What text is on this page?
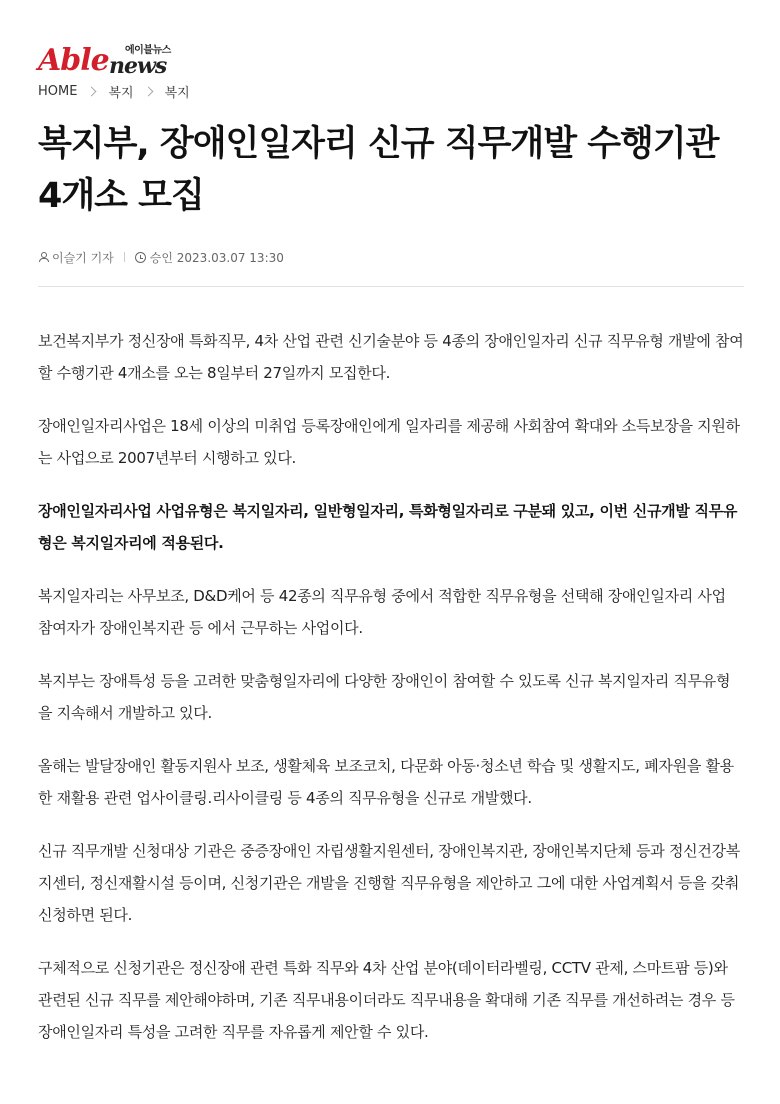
Able 에이블뉴스
news
HOME 복지 복지
복지부, 장애인일자리 신규 직무개발 수행기관 4개소 모집
이슬기 기자	승인 2023.03.07 13:30

보건복지부가 정신장애 특화직무, 4차 산업 관련 신기술분야 등 4종의 장애인일자리 신규 직무유형 개발에 참여할 수행기관 4개소를 오는 8일부터 27일까지 모집한다.

장애인일자리사업은 18세 이상의 미취업 등록장애인에게 일자리를 제공해 사회참여 확대와 소득보장을 지원하는 사업으로 2007년부터 시행하고 있다.

장애인일자리사업 사업유형은 복지일자리, 일반형일자리, 특화형일자리로 구분돼 있고, 이번 신규개발 직무유형은 복지일자리에 적용된다.

복지일자리는 사무보조, D&D케어 등 42종의 직무유형 중에서 적합한 직무유형을 선택해 장애인일자리 사업 참여자가 장애인복지관 등 에서 근무하는 사업이다.

복지부는 장애특성 등을 고려한 맞춤형일자리에 다양한 장애인이 참여할 수 있도록 신규 복지일자리 직무유형을 지속해서 개발하고 있다.

올해는 발달장애인 활동지원사 보조, 생활체육 보조코치, 다문화 아동·청소년 학습 및 생활지도, 폐자원을 활용한 재활용 관련 업사이클링.리사이클링 등 4종의 직무유형을 신규로 개발했다.

신규 직무개발 신청대상 기관은 중증장애인 자립생활지원센터, 장애인복지관, 장애인복지단체 등과 정신건강복지센터, 정신재활시설 등이며, 신청기관은 개발을 진행할 직무유형을 제안하고 그에 대한 사업계획서 등을 갖춰 신청하면 된다.

구체적으로 신청기관은 정신장애 관련 특화 직무와 4차 산업 분야(데이터라벨링, CCTV 관제, 스마트팜 등)와 관련된 신규 직무를 제안해야하며, 기존 직무내용이더라도 직무내용을 확대해 기존 직무를 개선하려는 경우 등 장애인일자리 특성을 고려한 직무를 자유롭게 제안할 수 있다.
